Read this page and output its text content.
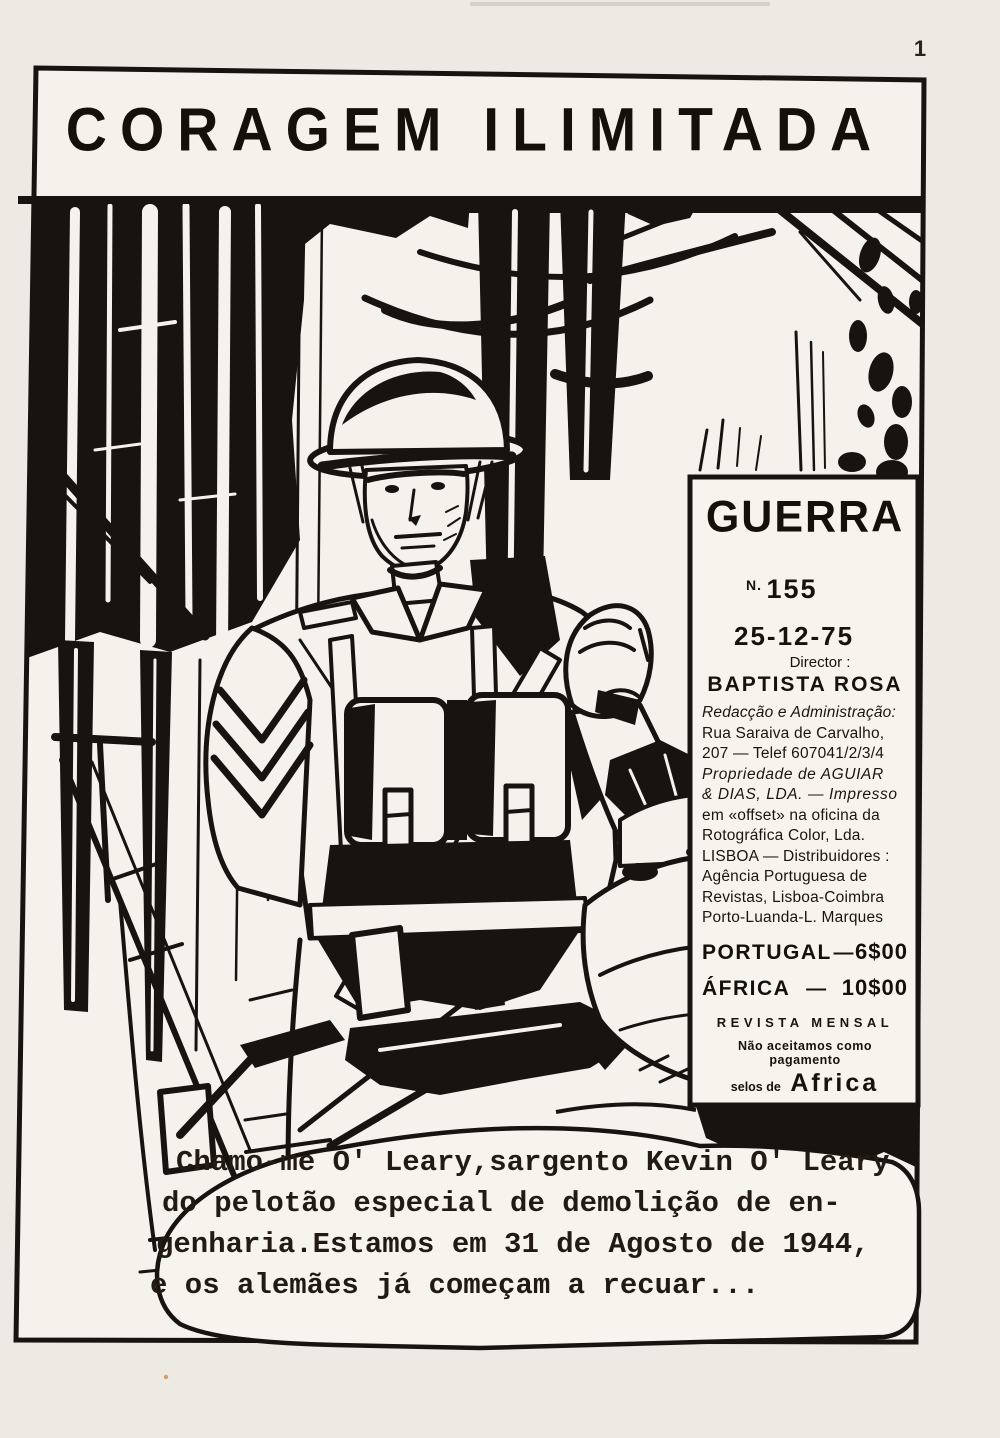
1
CORAGEM ILIMITADA
GUERRA
N. 155
25-12-75
Director :
BAPTISTA ROSA
Redacção e Administração:
Rua Saraiva de Carvalho,
207 — Telef 607041/2/3/4
Propriedade de AGUIAR
& DIAS, LDA. — Impresso
em «offset» na oficina da
Rotográfica Color, Lda.
LISBOA — Distribuidores :
Agência Portuguesa de
Revistas, Lisboa-Coimbra
Porto-Luanda-L. Marques
PORTUGAL — 6$00
ÁFRICA — 10$00
REVISTA MENSAL
Não aceitamos como pagamento
selos de Africa
Chamo-me O' Leary,sargento Kevin O' Leary
do pelotão especial de demolição de en-
genharia.Estamos em 31 de Agosto de 1944,
e os alemães já começam a recuar...
